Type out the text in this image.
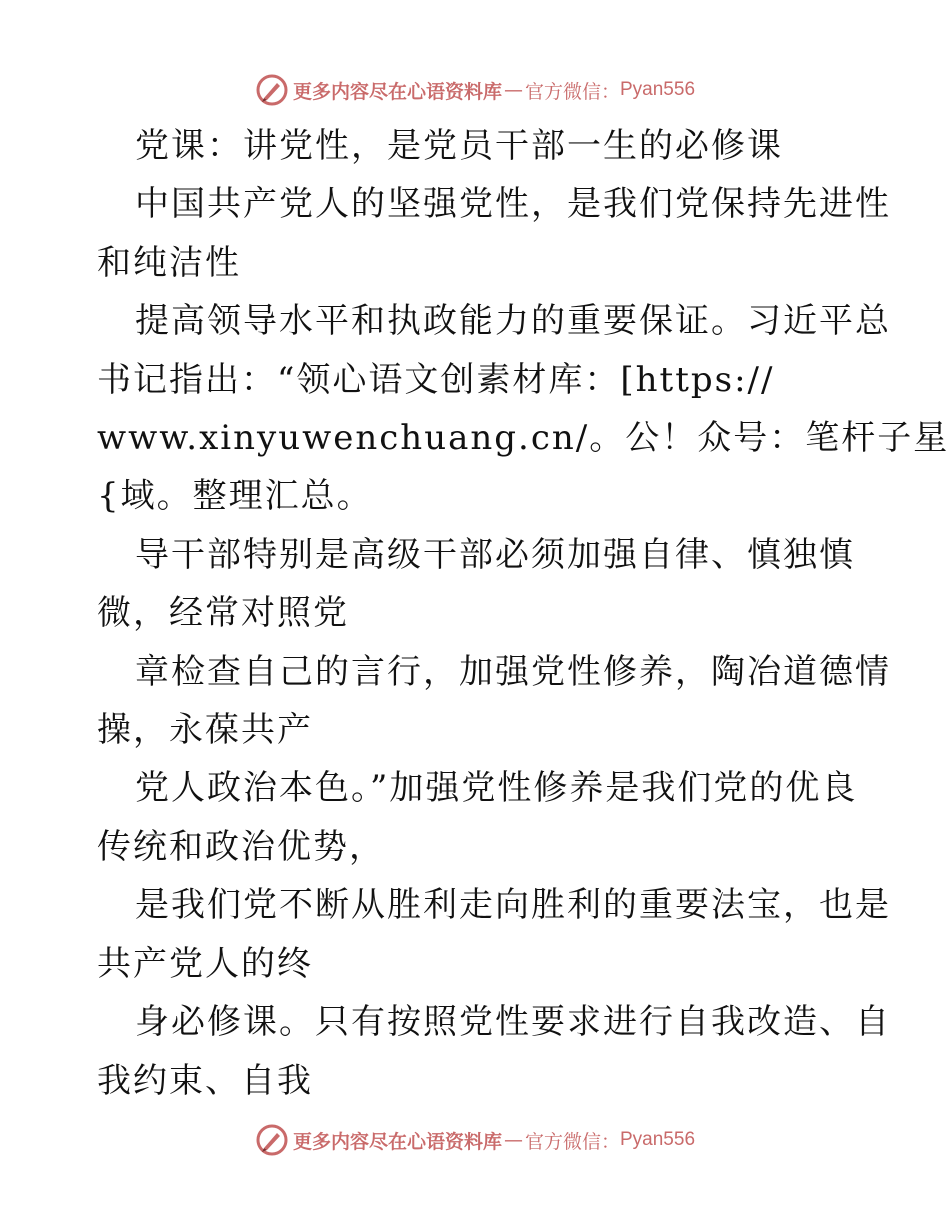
更多内容尽在心语资料库 — 官方微信： Pyan556

党课：讲党性，是党员干部一生的必修课

中国共产党人的坚强党性，是我们党保持先进性

和纯洁性

提高领导水平和执政能力的重要保证。习近平总

书记指出：“领心语文创素材库：[https://

www.xinyuwenchuang.cn/。公！众号：笔杆子星

{域。整理汇总。

导干部特别是高级干部必须加强自律、慎独慎

微，经常对照党

章检查自己的言行，加强党性修养，陶冶道德情

操，永葆共产

党人政治本色。”加强党性修养是我们党的优良

传统和政治优势，

是我们党不断从胜利走向胜利的重要法宝，也是

共产党人的终

身必修课。只有按照党性要求进行自我改造、自

我约束、自我

更多内容尽在心语资料库 — 官方微信： Pyan556
